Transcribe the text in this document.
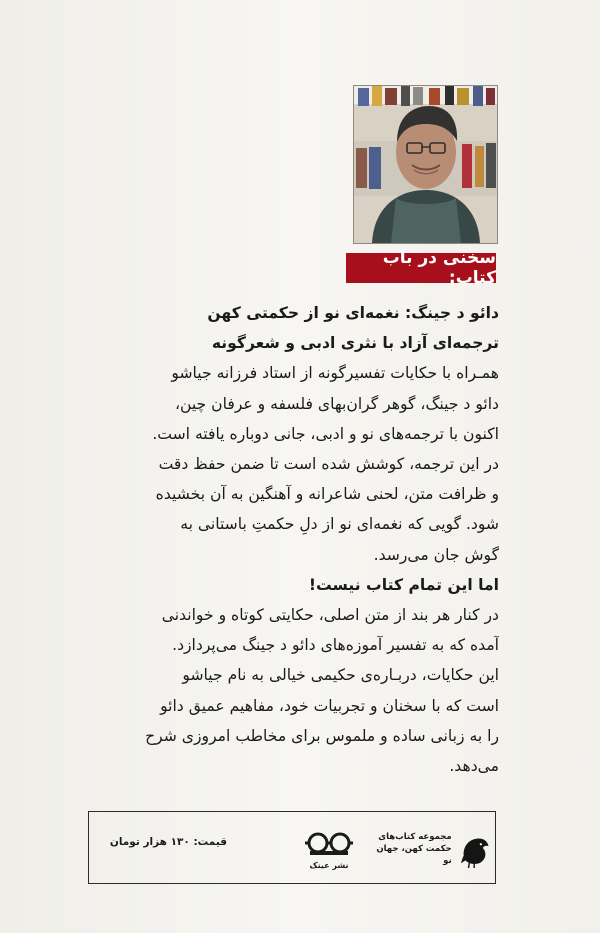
سخنی در باب کتاب:
دائو د جینگ: نغمه‌ای نو از حکمتی کهن
ترجمه‌ای آزاد با نثری ادبی و شعرگونه
همـراه با حکایات تفسیرگونه از استاد فرزانه جیاشو
دائو د جینگ، گوهر گران‌بهای فلسفه و عرفان چین،
اکنون با ترجمه‌های نو و ادبی، جانی دوباره یافته است.
در این ترجمه، کوشش شده است تا ضمن حفظ دقت
و ظرافت متن، لحنی شاعرانه و آهنگین به آن بخشیده
شود. گویی که نغمه‌ای نو از دلِ حکمتِ باستانی به
گوش جان می‌رسد.
اما این تمام کتاب نیست!
در کنار هر بند از متن اصلی، حکایتی کوتاه و خواندنی
آمده که به تفسیر آموزه‌های دائو د جینگ می‌پردازد.
این حکایات، دربـاره‌ی حکیمی خیالی به نام جیاشو
است که با سخنان و تجربیات خود، مفاهیم عمیق دائو
را به زبانی ساده و ملموس برای مخاطب امروزی شرح
می‌دهد.
قیمت: ۱۳۰ هزار تومان
نشر عینک
مجموعه کتاب‌های
حکمت کهن، جهان نو
